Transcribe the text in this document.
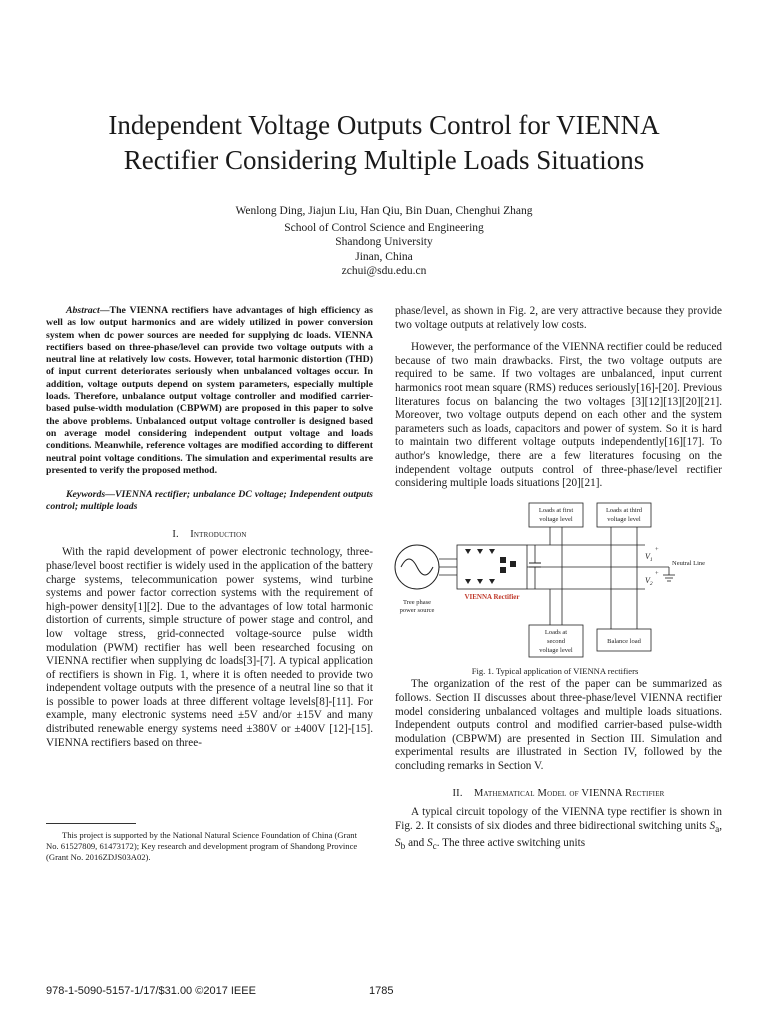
Independent Voltage Outputs Control for VIENNA
Rectifier Considering Multiple Loads Situations
Wenlong Ding, Jiajun Liu, Han Qiu, Bin Duan, Chenghui Zhang
School of Control Science and Engineering
Shandong University
Jinan, China
zchui@sdu.edu.cn

Abstract—The VIENNA rectifiers have advantages of high efficiency as well as low output harmonics and are widely utilized in power conversion system when dc power sources are needed for supplying dc loads. VIENNA rectifiers based on three-phase/level can provide two voltage outputs with a neutral line at relatively low costs. However, total harmonic distortion (THD) of input current deteriorates seriously when unbalanced voltages occur. In addition, voltage outputs depend on system parameters, especially multiple loads. Therefore, unbalance output voltage controller and modified carrier-based pulse-width modulation (CBPWM) are proposed in this paper to solve the above problems. Unbalanced output voltage controller is designed based on average model considering independent output voltage and loads conditions. Meanwhile, reference voltages are modified according to different neutral point voltage conditions. The simulation and experimental results are presented to verify the proposed method.

Keywords—VIENNA rectifier; unbalance DC voltage; Independent outputs control; multiple loads

I. Introduction

With the rapid development of power electronic technology, three-phase/level boost rectifier is widely used in the application of the battery charge systems, telecommunication power systems, wind turbine systems and power factor correction systems with the requirement of high-power density[1][2]. Due to the advantages of low total harmonic distortion of currents, simple structure of power stage and control, and low voltage stress, grid-connected voltage-source pulse width modulation (PWM) rectifier has well been researched focusing on VIENNA rectifier when supplying dc loads[3]-[7]. A typical application of rectifiers is shown in Fig. 1, where it is often needed to provide two independent voltage outputs with the presence of a neutral line so that it is possible to power loads at three different voltage levels[8]-[11]. For example, many electronic systems need ±5V and/or ±15V and many distributed renewable energy systems need ±380V or ±400V [12]-[15]. VIENNA rectifiers based on three-

This project is supported by the National Natural Science Foundation of China (Grant No. 61527809, 61473172); Key research and development program of Shandong Province (Grant No. 2016ZDJS03A02).

phase/level, as shown in Fig. 2, are very attractive because they provide two voltage outputs at relatively low costs.

However, the performance of the VIENNA rectifier could be reduced because of two main drawbacks. First, the two voltage outputs are required to be same. If two voltages are unbalanced, input current harmonics root mean square (RMS) reduces seriously[16]-[20]. Previous literatures focus on balancing the two voltages [3][12][13][20][21]. Moreover, two voltage outputs depend on each other and the system parameters such as loads, capacitors and power of system. So it is hard to maintain two different voltage outputs independently[16][17]. To author's knowledge, there are a few literatures focusing on the independent voltage outputs control of three-phase/level rectifier considering multiple loads situations [20][21].

Loads at first
voltage level
Loads at third
voltage level
Loads at
second
voltage level
Balance load
Tree phase
power source
VIENNA Rectifier
$V_1$
$V_2$
+
+
Neutral Line
Fig. 1. Typical application of VIENNA rectifiers

The organization of the rest of the paper can be summarized as follows. Section II discusses about three-phase/level VIENNA rectifier model considering unbalanced voltages and multiple loads situations. Independent outputs control and modified carrier-based pulse-width modulation (CBPWM) are presented in Section III. Simulation and experimental results are illustrated in Section IV, followed by the concluding remarks in Section V.

II. Mathematical Model of VIENNA Rectifier

A typical circuit topology of the VIENNA type rectifier is shown in Fig. 2. It consists of six diodes and three bidirectional switching units $S_a$, $S_b$ and $S_c$. The three active switching units

978-1-5090-5157-1/17/$31.00 ©2017 IEEE	1785
